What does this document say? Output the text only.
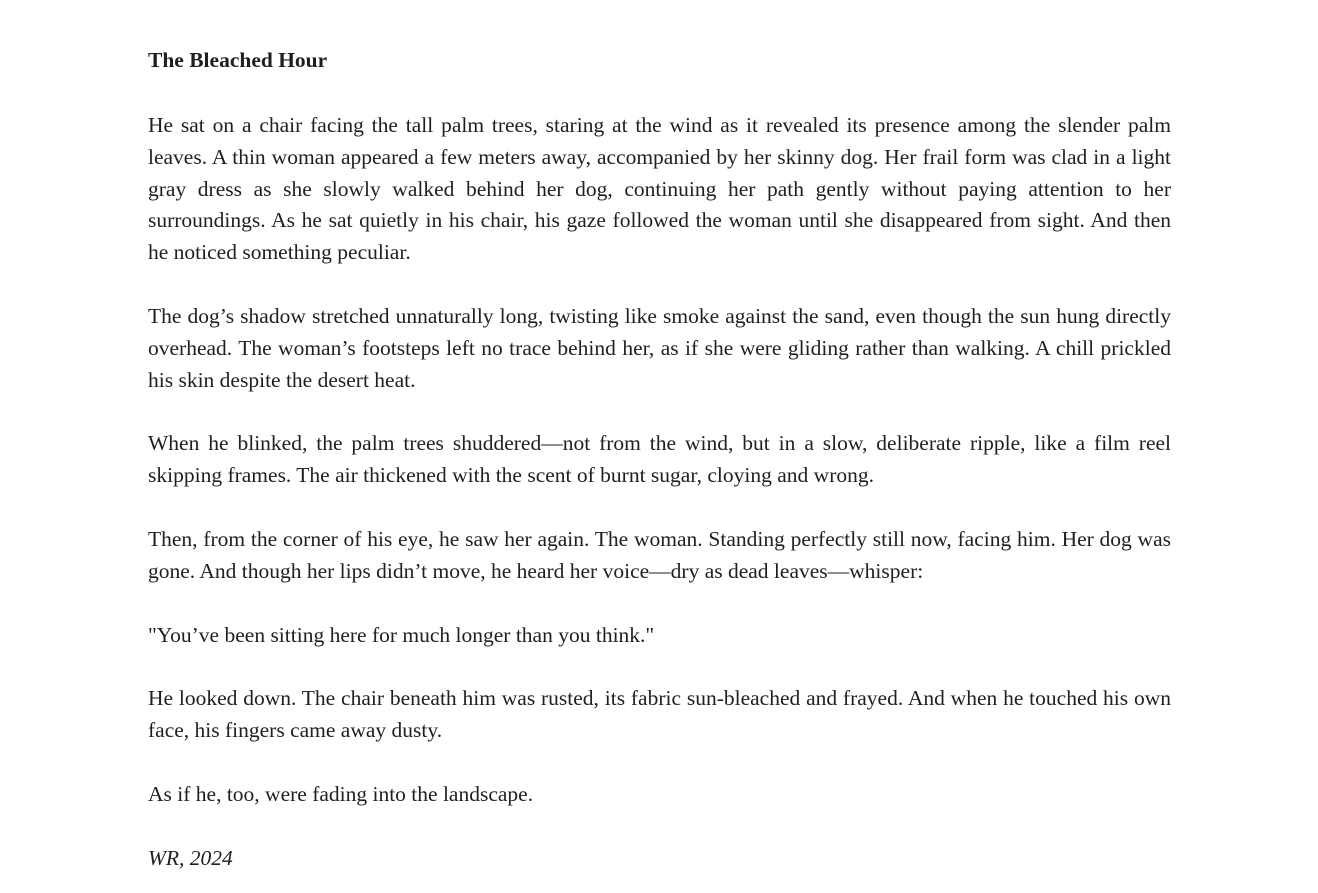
The Bleached Hour

He sat on a chair facing the tall palm trees, staring at the wind as it revealed its presence among the slender palm leaves. A thin woman appeared a few meters away, accompanied by her skinny dog. Her frail form was clad in a light gray dress as she slowly walked behind her dog, continuing her path gently without paying attention to her surroundings. As he sat quietly in his chair, his gaze followed the woman until she disappeared from sight. And then he noticed something peculiar.

The dog’s shadow stretched unnaturally long, twisting like smoke against the sand, even though the sun hung directly overhead. The woman’s footsteps left no trace behind her, as if she were gliding rather than walking. A chill prickled his skin despite the desert heat.

When he blinked, the palm trees shuddered—not from the wind, but in a slow, deliberate ripple, like a film reel skipping frames. The air thickened with the scent of burnt sugar, cloying and wrong.

Then, from the corner of his eye, he saw her again. The woman. Standing perfectly still now, facing him. Her dog was gone. And though her lips didn’t move, he heard her voice—dry as dead leaves—whisper:

"You’ve been sitting here for much longer than you think."

He looked down. The chair beneath him was rusted, its fabric sun-bleached and frayed. And when he touched his own face, his fingers came away dusty.

As if he, too, were fading into the landscape.

WR, 2024
